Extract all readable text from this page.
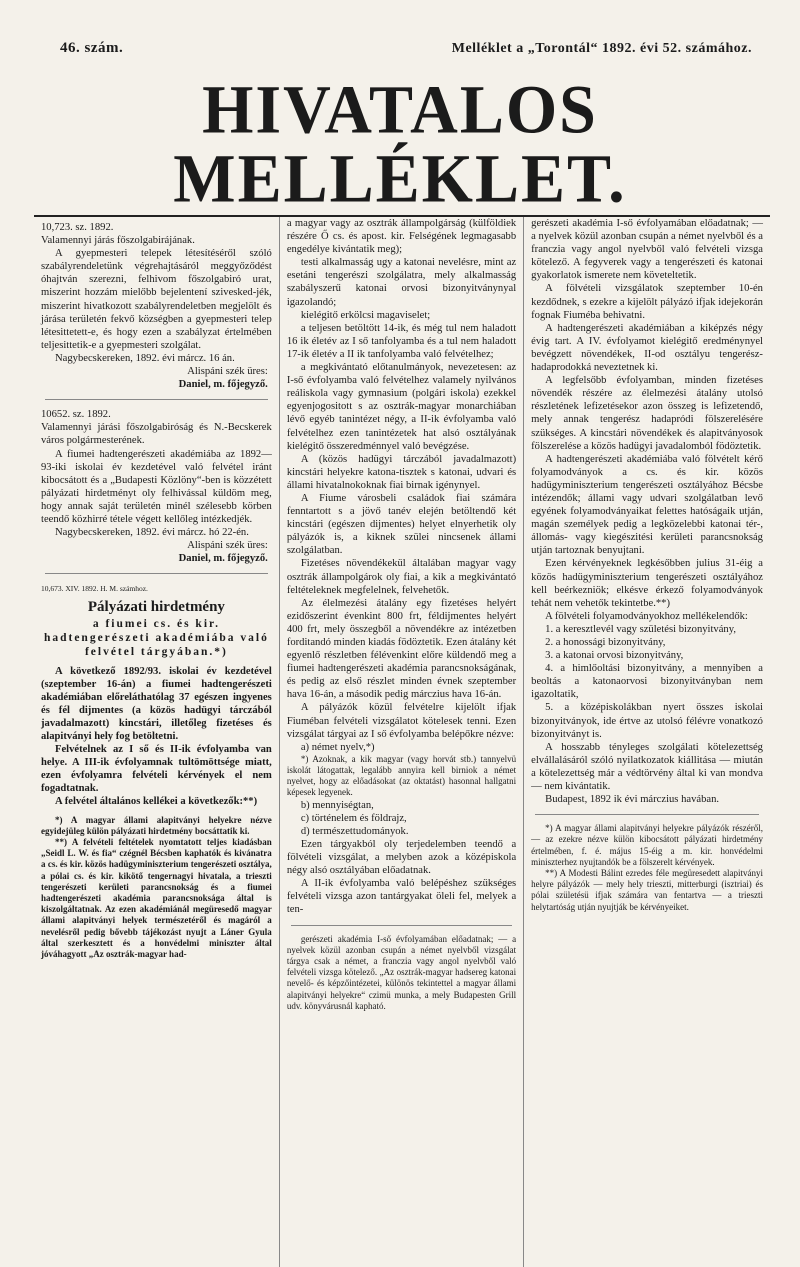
46. szám.	Melléklet a „Torontál“ 1892. évi 52. számához.
HIVATALOS MELLÉKLET.

10,723. sz. 1892.

Valamennyi járás főszolgabirájának.

A gyepmesteri telepek létesítéséről szóló szabályrendeletünk végrehajtásáról meggyőződést óhajtván szerezni, felhivom főszolgabiró urat, miszerint hozzám mielőbb bejelentení szivesked-jék, miszerint hivatkozott szabályrendeletben megjelölt és járása területén fekvő községben a gyepmesteri telep létesittetett-e, és hogy ezen a szabályzat értelmében teljesittetik-e a gyepmesteri szolgálat.

Nagybecskereken, 1892. évi márcz. 16 án.

Alispáni szék üres:

Daniel, m. főjegyző.

10652. sz. 1892.

Valamennyi járási főszolgabiróság és N.-Becskerek város polgármesterének.

A fiumei hadtengerészeti akadémiába az 1892—93-iki iskolai év kezdetével való felvétel iránt kibocsátott és a „Budapesti Közlöny“-ben is közzétett pályázati hirdetményt oly felhivással küldöm meg, hogy annak saját területén minél szélesebb körben teendő közhirré tétele végett kellőleg intézkedjék.

Nagybecskereken, 1892. évi márcz. hó 22-én.

Alispáni szék üres:

Daniel, m. főjegyző.

10,673. XIV. 1892. H. M. számhoz.

Pályázati hirdetmény
a fiumei cs. és kir. hadtengerészeti akadémiába való felvétel tárgyában.*)

A következő 1892/93. iskolai év kezdetével (szeptember 16-án) a fiumei hadtengerészeti akadémiában előreláthatólag 37 egészen ingyenes és fél dijmentes (a közös hadügyi tárczából javadalmazott) kincstári, illetőleg fizetéses és alapitványi hely fog betöltetni.

Felvételnek az I ső és II-ik évfolyamba van helye. A III-ik évfolyamnak tultömöttsége miatt, ezen évfolyamra felvételi kérvények el nem fogadtatnak.

A felvétel általános kellékei a következők:**)

*) A magyar állami alapitványi helyekre nézve egyidejüleg külön pályázati hirdetmény bocsáttatik ki.

**) A felvételi feltételek nyomtatott teljes kiadásban „Seidl L. W. és fia“ czégnél Bécsben kaphatók és kivánatra a cs. és kir. közös hadügyminiszterium tengerészeti osztálya, a pólai cs. és kir. kikötő tengernagyi hivatala, a trieszti tengerészeti kerületi parancsnokság és a fiumei hadtengerészeti akadémia parancsnoksága által is kiszolgáltatnak. Az ezen akadémiánál megüresedő magyar állami alapitványi helyek természetéről és magáról a nevelésről pedig bővebb tájékozást nyujt a Láner Gyula által szerkesztett és a honvédelmi miniszter által jóváhagyott „Az osztrák-magyar had-

a magyar vagy az osztrák állampolgárság (külföldiek részére Ő cs. és apost. kir. Felségének legmagasabb engedélye kivántatik meg);

testi alkalmasság ugy a katonai nevelésre, mint az esetáni tengerészi szolgálatra, mely alkalmasság szabályszerű katonai orvosi bizonyitványnyal igazolandó;

kielégitő erkölcsi magaviselet;

a teljesen betöltött 14-ik, és még tul nem haladott 16 ik életév az I ső tanfolyamba és a tul nem haladott 17-ik életév a II ik tanfolyamba való felvételhez;

a megkivántató előtanulmányok, nevezetesen: az I-ső évfolyamba való felvételhez valamely nyilvános reáliskola vagy gymnasium (polgári iskola) ezekkel egyenjogositott s az osztrák-magyar monarchiában lévő egyéb tanintézet négy, a II-ik évfolyamba való felvételhez ezen tanintézetek hat alsó osztályának kielégitő összeredménnyel való bevégzése.

A (közös hadügyi tárczából javadalmazott) kincstári helyekre katona-tisztek s katonai, udvari és állami hivatalnokoknak fiai birnak igénynyel.

A Fiume városbeli családok fiai számára fenntartott s a jövő tanév elején betöltendő két kincstári (egészen dijmentes) helyet elnyerhetik oly pályázók is, a kiknek szülei nincsenek állami szolgálatban.

Fizetéses növendékekül általában magyar vagy osztrák állampolgárok oly fiai, a kik a megkivántató feltételeknek megfelelnek, felvehetők.

Az élelmezési átalány egy fizetéses helyért ezidőszerint évenkint 800 frt, féldijmentes helyért 400 frt, mely összegből a növendékre az intézetben forditandó minden kiadás födöztetik. Ezen átalány két egyenlő részletben félévenkint előre küldendő meg a fiumei hadtengerészeti akadémia parancsnokságának, és pedig az első részlet minden évnek szeptember hava 16-án, a második pedig márczius hava 16-án.

A pályázók közül felvételre kijelölt ifjak Fiuméban felvételi vizsgálatot kötelesek tenni. Ezen vizsgálat tárgyai az I ső évfolyamba belépőkre nézve:

a) német nyelv,*)

*) Azoknak, a kik magyar (vagy horvát stb.) tannyelvü iskolát látogattak, legalább annyira kell birniok a német nyelvet, hogy az előadásokat (az oktatást) hasonnal hallgatni képesek legyenek.

b) mennyiségtan,

c) történelem és földrajz,

d) természettudományok.

Ezen tárgyakból oly terjedelemben teendő a fölvételi vizsgálat, a melyben azok a középiskola négy alsó osztályában előadatnak.

A II-ik évfolyamba való belépéshez szükséges felvételi vizsga azon tantárgyakat öleli fel, melyek a ten-

gerészeti akadémia I-ső évfolyamában előadatnak; — a nyelvek közül azonban csupán a német nyelvből vizsgálat tárgya csak a német, a franczia vagy angol nyelvből való felvételi vizsga kötelező. „Az osztrák-magyar hadsereg katonai nevelő- és képzőintézetei, különös tekintettel a magyar állami alapitványi helyekre“ czimü munka, a mely Budapesten Grill udv. könyvárusnál kapható.

gerészeti akadémia I-ső évfolyamában előadatnak; — a nyelvek közül azonban csupán a német nyelvből és a franczia vagy angol nyelvből való felvételi vizsga kötelező. A fegyverek vagy a tengerészeti és katonai gyakorlatok ismerete nem követeltetik.

A fölvételi vizsgálatok szeptember 10-én kezdődnek, s ezekre a kijelölt pályázó ifjak idejekorán fognak Fiuméba behivatni.

A hadtengerészeti akadémiában a kiképzés négy évig tart. A IV. évfolyamot kielégitő eredménynyel bevégzett növendékek, II-od osztályu tengerész-hadaprodokká neveztetnek ki.

A legfelsőbb évfolyamban, minden fizetéses növendék részére az élelmezési átalány utolsó részletének lefizetésekor azon összeg is lefizetendő, mely annak tengerész hadapródi fölszerelésére szükséges. A kincstári növendékek és alapitványosok fölszerelése a közös hadügyi javadalomból födöztetik.

A hadtengerészeti akadémiába való fölvételt kérő folyamodványok a cs. és kir. közös hadügyminiszterium tengerészeti osztályához Bécsbe intézendők; állami vagy udvari szolgálatban levő egyének folyamodványaikat felettes hatóságaik utján, magán személyek pedig a legközelebbi katonai tér-, állomás- vagy kiegészitési kerületi parancsnokság utján tartoznak benyujtani.

Ezen kérvényeknek legkésőbben julius 31-éig a közös hadügyminiszterium tengerészeti osztályához kell beérkezniök; elkésve érkező folyamodványok tehát nem vehetők tekintetbe.**)

A fölvételi folyamodványokhoz mellékelendők:

1. a keresztlevél vagy születési bizonyitvány,

2. a honossági bizonyitvány,

3. a katonai orvosi bizonyitvány,

4. a himlőoltási bizonyitvány, a mennyiben a beoltás a katonaorvosi bizonyitványban nem igazoltatik,

5. a középiskolákban nyert összes iskolai bizonyitványok, ide értve az utolsó félévre vonatkozó bizonyitványt is.

A hosszabb tényleges szolgálati kötelezettség elvállalásáról szóló nyilatkozatok kiállitása — miután a kötelezettség már a védtörvény által ki van mondva — nem kivántatik.

Budapest, 1892 ik évi márczius havában.

*) A magyar állami alapitványi helyekre pályázók részéről, — az ezekre nézve külön kibocsátott pályázati hirdetmény értelmében, f. é. május 15-éig a m. kir. honvédelmi miniszterhez nyujtandók be a fölszerelt kérvények.

**) A Modesti Bálint ezredes féle megüresedett alapitványi helyre pályázók — mely hely trieszti, mitterburgi (isztriai) és pólai születésü ifjak számára van fentartva — a trieszti helytartóság utján nyujtják be kérvényeiket.
